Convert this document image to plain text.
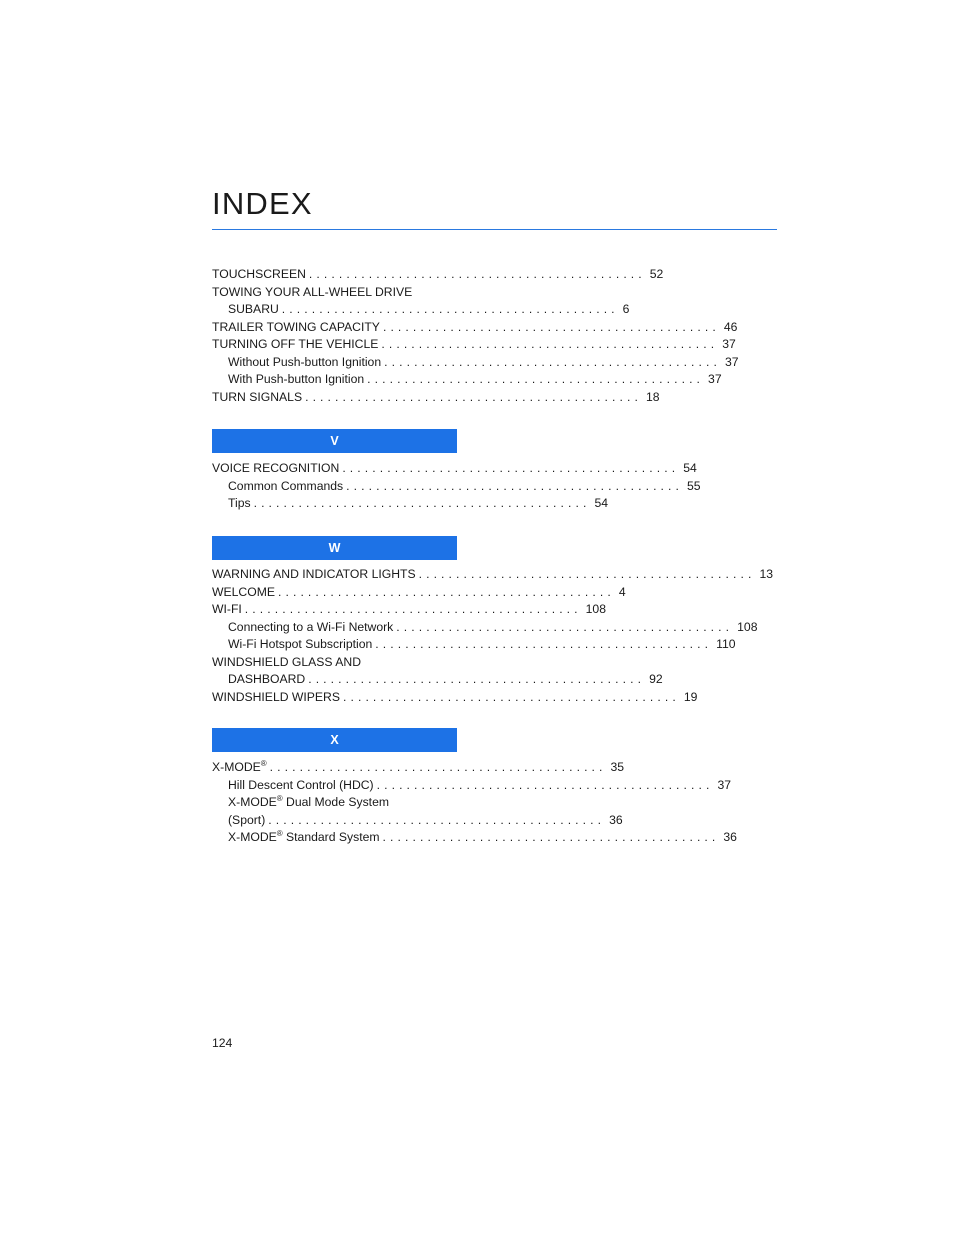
INDEX
TOUCHSCREEN ............................................. 52
TOWING YOUR ALL-WHEEL DRIVE
SUBARU ............................................. 6
TRAILER TOWING CAPACITY ............................................. 46
TURNING OFF THE VEHICLE ............................................. 37
Without Push-button Ignition ............................................. 37
With Push-button Ignition ............................................. 37
TURN SIGNALS ............................................. 18
V
VOICE RECOGNITION ............................................. 54
Common Commands ............................................. 55
Tips ............................................. 54
W
WARNING AND INDICATOR LIGHTS ............................................. 13
WELCOME ............................................. 4
WI-FI ............................................. 108
Connecting to a Wi-Fi Network ............................................. 108
Wi-Fi Hotspot Subscription ............................................. 110
WINDSHIELD GLASS AND
DASHBOARD ............................................. 92
WINDSHIELD WIPERS ............................................. 19
X
X-MODE® ............................................. 35
Hill Descent Control (HDC) ............................................. 37
X-MODE® Dual Mode System
(Sport) ............................................. 36
X-MODE® Standard System ............................................. 36
124
